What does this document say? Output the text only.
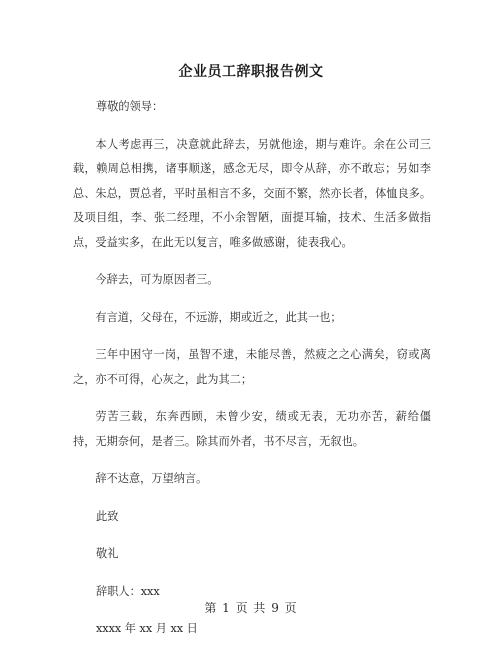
企业员工辞职报告例文

尊敬的领导：

本人考虑再三，决意就此辞去，另就他途，期与难许。余在公司三载，赖周总相携，诸事顺遂，感念无尽，即令从辞，亦不敢忘；另如李总、朱总，贾总者，平时虽相言不多，交面不繁，然亦长者，体恤良多。及项目组，李、张二经理，不小余智陋，面提耳输，技术、生活多做指点，受益实多，在此无以复言，唯多做感谢，徒表我心。

今辞去，可为原因者三。

有言道，父母在，不远游，期或近之，此其一也；

三年中困守一岗，虽智不逮，未能尽善，然疲之之心满矣，窃或离之，亦不可得，心灰之，此为其二；

劳苦三载，东奔西顾，未曾少安，绩或无表，无功亦苦，薪给僵持，无期奈何，是者三。除其而外者，书不尽言，无叙也。

辞不达意，万望纳言。

此致

敬礼

辞职人：xxx

xxxx 年 xx 月 xx 日

第 1 页 共 9 页
